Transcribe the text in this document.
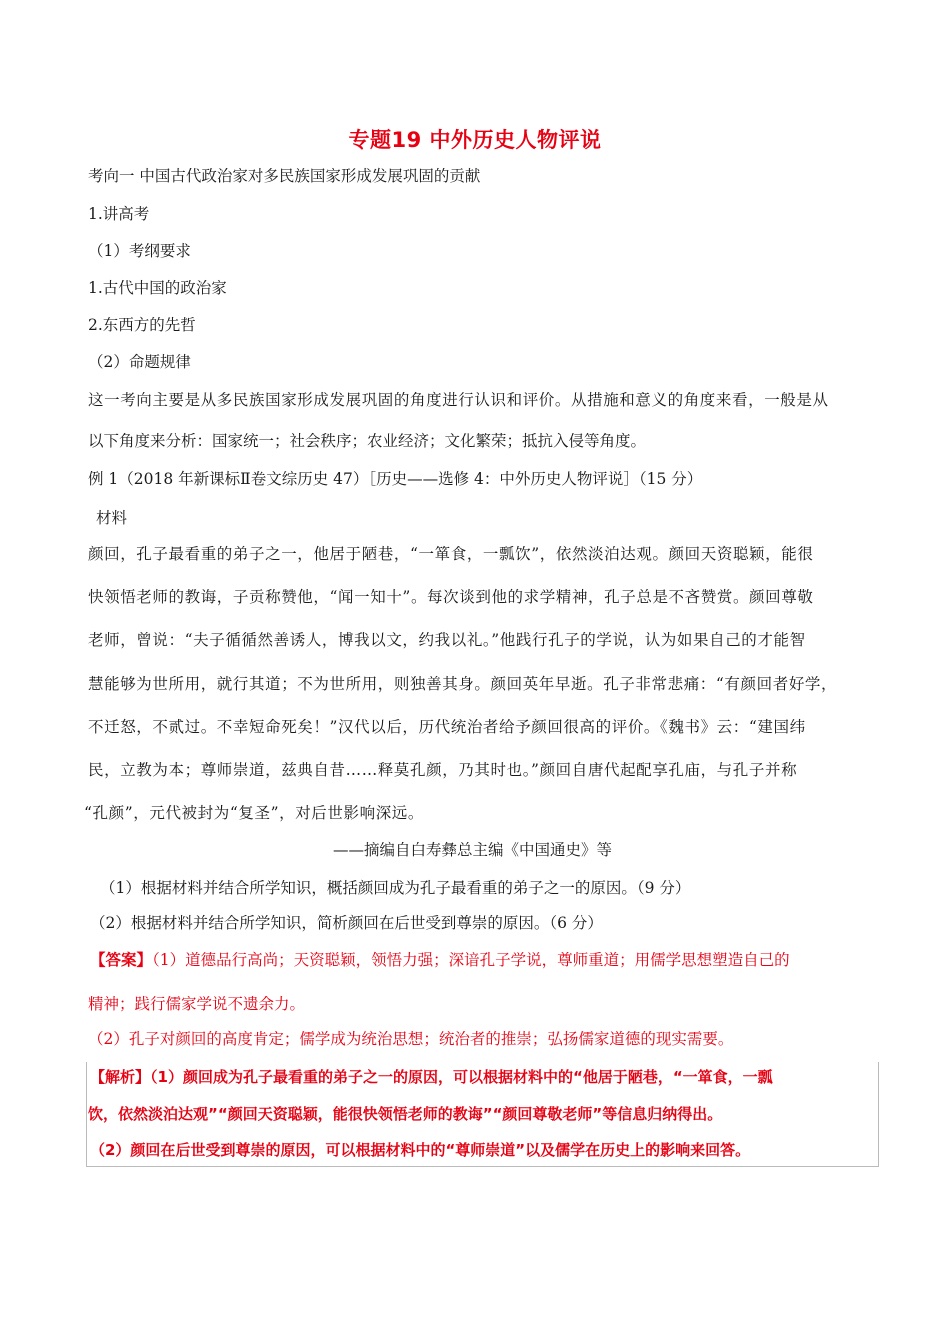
专题19 中外历史人物评说
考向一 中国古代政治家对多民族国家形成发展巩固的贡献
1.讲高考
（1）考纲要求
1.古代中国的政治家
2.东西方的先哲
（2）命题规律
这一考向主要是从多民族国家形成发展巩固的角度进行认识和评价。从措施和意义的角度来看，一般是从
以下角度来分析：国家统一；社会秩序；农业经济；文化繁荣；抵抗入侵等角度。
例 1（2018 年新课标Ⅱ卷文综历史 47）［历史——选修 4：中外历史人物评说］（15 分）
材料
颜回，孔子最看重的弟子之一，他居于陋巷，“一箪食，一瓢饮”，依然淡泊达观。颜回天资聪颖，能很
快领悟老师的教诲，子贡称赞他，“闻一知十”。每次谈到他的求学精神，孔子总是不吝赞赏。颜回尊敬
老师，曾说：“夫子循循然善诱人，博我以文，约我以礼。”他践行孔子的学说，认为如果自己的才能智
慧能够为世所用，就行其道；不为世所用，则独善其身。颜回英年早逝。孔子非常悲痛：“有颜回者好学，
不迁怒，不贰过。不幸短命死矣！”汉代以后，历代统治者给予颜回很高的评价。《魏书》云：“建国纬
民，立教为本；尊师崇道，兹典自昔……释莫孔颜，乃其时也。”颜回自唐代起配享孔庙，与孔子并称
“孔颜”，元代被封为“复圣”，对后世影响深远。
——摘编自白寿彝总主编《中国通史》等
（1）根据材料并结合所学知识，概括颜回成为孔子最看重的弟子之一的原因。（9 分）
（2）根据材料并结合所学知识，简析颜回在后世受到尊崇的原因。（6 分）
【答案】（1）道德品行高尚；天资聪颖，领悟力强；深谙孔子学说，尊师重道；用儒学思想塑造自己的
精神；践行儒家学说不遗余力。
（2）孔子对颜回的高度肯定；儒学成为统治思想；统治者的推崇；弘扬儒家道德的现实需要。
【解析】（1）颜回成为孔子最看重的弟子之一的原因，可以根据材料中的“他居于陋巷，“一箪食，一瓢
饮，依然淡泊达观”“颜回天资聪颖，能很快领悟老师的教诲”“颜回尊敬老师”等信息归纳得出。
（2）颜回在后世受到尊崇的原因，可以根据材料中的“尊师崇道”以及儒学在历史上的影响来回答。
